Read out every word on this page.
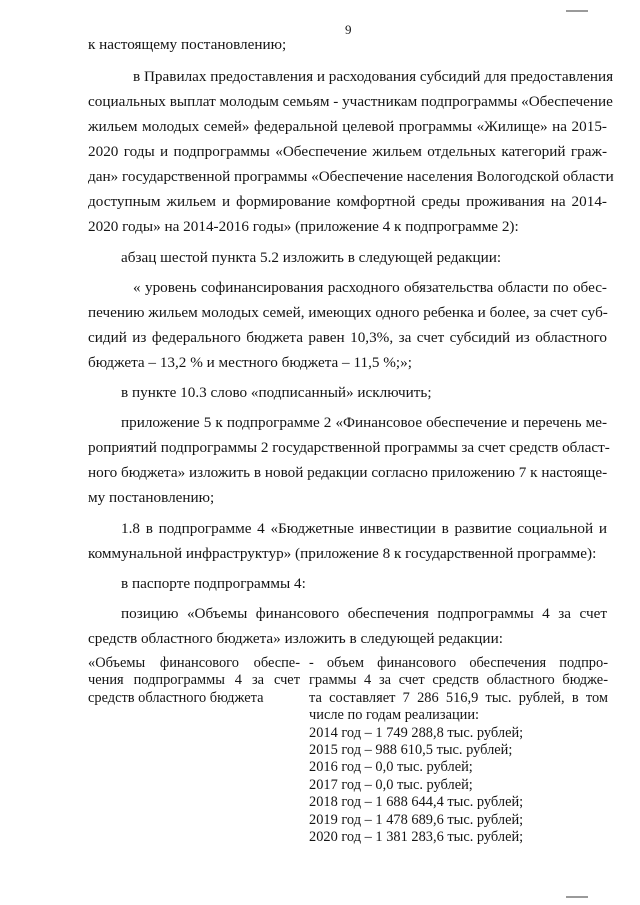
9
к настоящему постановлению;
в Правилах предоставления и расходования субсидий для предоставления
социальных выплат молодым семьям - участникам подпрограммы «Обеспечение
жильем молодых семей» федеральной целевой программы «Жилище» на 2015-
2020 годы и подпрограммы «Обеспечение жильем отдельных категорий граж-
дан» государственной программы «Обеспечение населения Вологодской области
доступным жильем и формирование комфортной среды проживания на 2014-
2020 годы» на 2014-2016 годы» (приложение 4 к подпрограмме 2):
абзац шестой пункта 5.2 изложить в следующей редакции:
« уровень софинансирования расходного обязательства области по обес-
печению жильем молодых семей, имеющих одного ребенка и более, за счет суб-
сидий из федерального бюджета равен 10,3%, за счет субсидий из областного
бюджета – 13,2 % и местного бюджета – 11,5 %;»;
в пункте 10.3 слово «подписанный» исключить;
приложение 5 к подпрограмме 2 «Финансовое обеспечение и перечень ме-
роприятий подпрограммы 2 государственной программы за счет средств област-
ного бюджета» изложить в новой редакции согласно приложению 7 к настояще-
му постановлению;
1.8 в подпрограмме 4 «Бюджетные инвестиции в развитие социальной и
коммунальной инфраструктур» (приложение 8 к государственной программе):
в паспорте подпрограммы 4:
позицию «Объемы финансового обеспечения подпрограммы 4 за счет
средств областного бюджета» изложить в следующей редакции:
«Объемы финансового обеспе-
чения подпрограммы 4 за счет
средств областного бюджета
- объем финансового обеспечения подпро-
граммы 4 за счет средств областного бюдже-
та составляет 7 286 516,9 тыс. рублей, в том
числе по годам реализации:
2014 год – 1 749 288,8 тыс. рублей;
2015 год – 988 610,5 тыс. рублей;
2016 год – 0,0 тыс. рублей;
2017 год – 0,0 тыс. рублей;
2018 год – 1 688 644,4 тыс. рублей;
2019 год – 1 478 689,6 тыс. рублей;
2020 год – 1 381 283,6 тыс. рублей;
